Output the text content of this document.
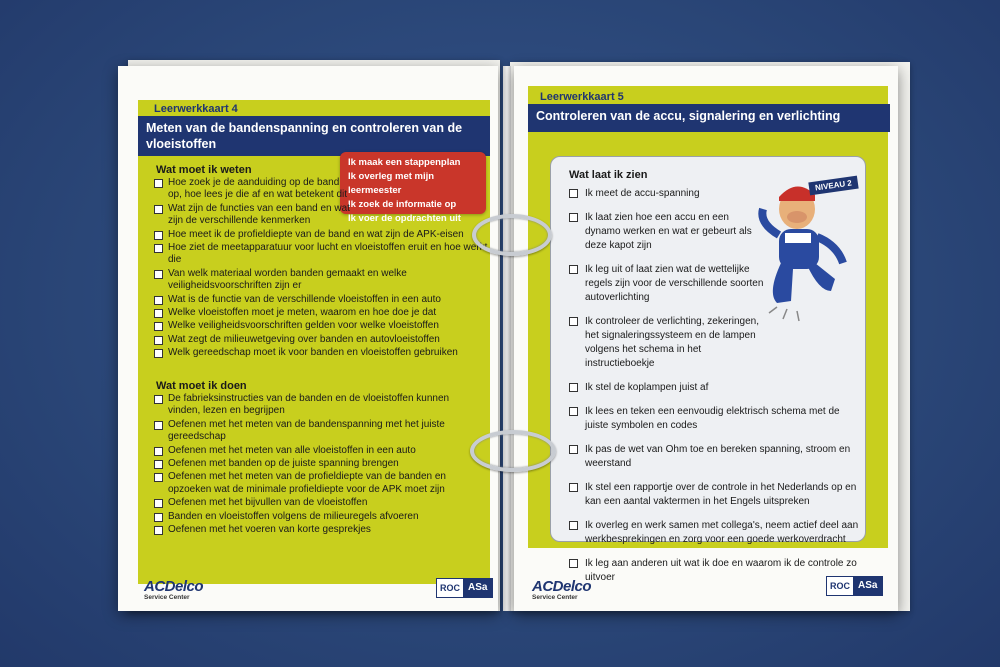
Leerwerkkaart 4
Meten van de bandenspanning en controleren van de vloeistoffen
Ik maak een stappenplan
Ik overleg met mijn leermeester
Ik zoek de informatie op
Ik voer de opdrachten uit
Wat moet ik weten
Hoe zoek je de aanduiding op de band op, hoe lees je die af en wat betekent dit
Wat zijn de functies van een band en wat zijn de verschillende kenmerken
Hoe meet ik de profieldiepte van de band en wat zijn de APK-eisen
Hoe ziet de meetapparatuur voor lucht en vloeistoffen eruit en hoe werkt die
Van welk materiaal worden banden gemaakt en welke veiligheidsvoorschriften zijn er
Wat is de functie van de verschillende vloeistoffen in een auto
Welke vloeistoffen moet je meten, waarom en hoe doe je dat
Welke veiligheidsvoorschriften gelden voor welke vloeistoffen
Wat zegt de milieuwetgeving over banden en autovloeistoffen
Welk gereedschap moet ik voor banden en vloeistoffen gebruiken
Wat moet ik doen
De fabrieksinstructies van de banden en de vloeistoffen kunnen vinden, lezen en begrijpen
Oefenen met het meten van de bandenspanning met het juiste gereedschap
Oefenen met het meten van alle vloeistoffen in een auto
Oefenen met banden op de juiste spanning brengen
Oefenen met het meten van de profieldiepte van de banden en opzoeken wat de minimale profieldiepte voor de APK moet zijn
Oefenen met het bijvullen van de vloeistoffen
Banden en vloeistoffen volgens de milieuregels afvoeren
Oefenen met het voeren van korte gesprekjes
ACDelco
Service Center
ROC ASa
Leerwerkkaart 5
Controleren van de accu, signalering en verlichting
Wat laat ik zien
Ik meet de accu-spanning
Ik laat zien hoe een accu en een dynamo werken en wat er gebeurt als deze kapot zijn
Ik leg uit of laat zien wat de wettelijke regels zijn voor de verschillende soorten autoverlichting
Ik controleer de verlichting, zekeringen, het signaleringssysteem en de lampen volgens het schema in het instructieboekje
Ik stel de koplampen juist af
Ik lees en teken een eenvoudig elektrisch schema met de juiste symbolen en codes
Ik pas de wet van Ohm toe en bereken spanning, stroom en weerstand
Ik stel een rapportje over de controle in het Nederlands op en kan een aantal vaktermen in het Engels uitspreken
Ik overleg en werk samen met collega's, neem actief deel aan werkbesprekingen en zorg voor een goede werkoverdracht
Ik leg aan anderen uit wat ik doe en waarom ik de controle zo uitvoer
NIVEAU 2
ACDelco
Service Center
ROC ASa
